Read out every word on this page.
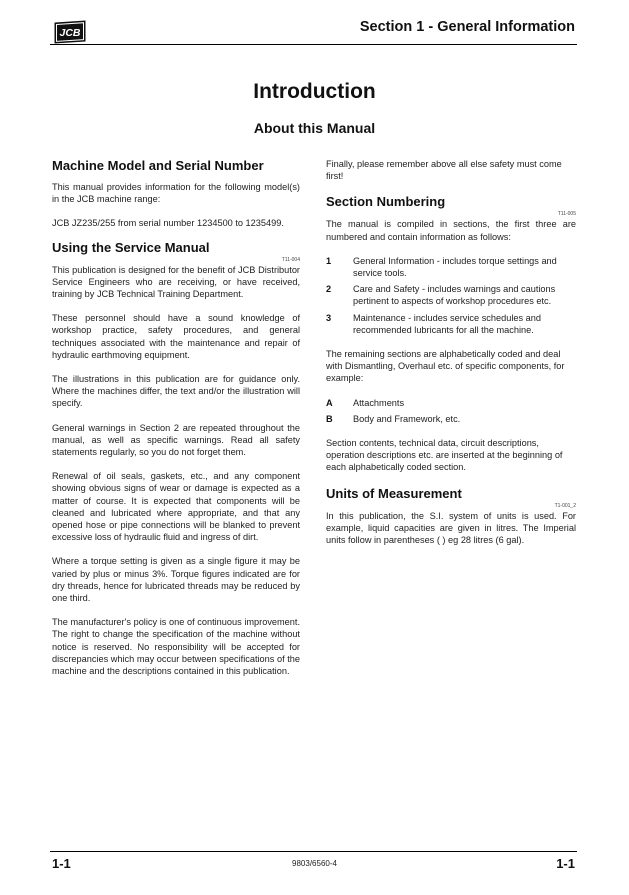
JCB	Section 1 - General Information
Introduction
About this Manual
Machine Model and Serial Number
This manual provides information for the following model(s) in the JCB machine range:
JCB JZ235/255 from serial number 1234500 to 1235499.
Using the Service Manual
T11-004
This publication is designed for the benefit of JCB Distributor Service Engineers who are receiving, or have received, training by JCB Technical Training Department.
These personnel should have a sound knowledge of workshop practice, safety procedures, and general techniques associated with the maintenance and repair of hydraulic earthmoving equipment.
The illustrations in this publication are for guidance only. Where the machines differ, the text and/or the illustration will specify.
General warnings in Section 2 are repeated throughout the manual, as well as specific warnings. Read all safety statements regularly, so you do not forget them.
Renewal of oil seals, gaskets, etc., and any component showing obvious signs of wear or damage is expected as a matter of course. It is expected that components will be cleaned and lubricated where appropriate, and that any opened hose or pipe connections will be blanked to prevent excessive loss of hydraulic fluid and ingress of dirt.
Where a torque setting is given as a single figure it may be varied by plus or minus 3%. Torque figures indicated are for dry threads, hence for lubricated threads may be reduced by one third.
The manufacturer's policy is one of continuous improvement. The right to change the specification of the machine without notice is reserved. No responsibility will be accepted for discrepancies which may occur between specifications of the machine and the descriptions contained in this publication.
Finally, please remember above all else safety must come first!
Section Numbering
T11-005
The manual is compiled in sections, the first three are numbered and contain information as follows:
1	General Information - includes torque settings and service tools.
2	Care and Safety - includes warnings and cautions pertinent to aspects of workshop procedures etc.
3	Maintenance - includes service schedules and recommended lubricants for all the machine.
The remaining sections are alphabetically coded and deal with Dismantling, Overhaul etc. of specific components, for example:
A	Attachments
B	Body and Framework, etc.
Section contents, technical data, circuit descriptions, operation descriptions etc. are inserted at the beginning of each alphabetically coded section.
Units of Measurement
T1-001_2
In this publication, the S.I. system of units is used. For example, liquid capacities are given in litres. The Imperial units follow in parentheses ( ) eg 28 litres (6 gal).
1-1	9803/6560-4	1-1
